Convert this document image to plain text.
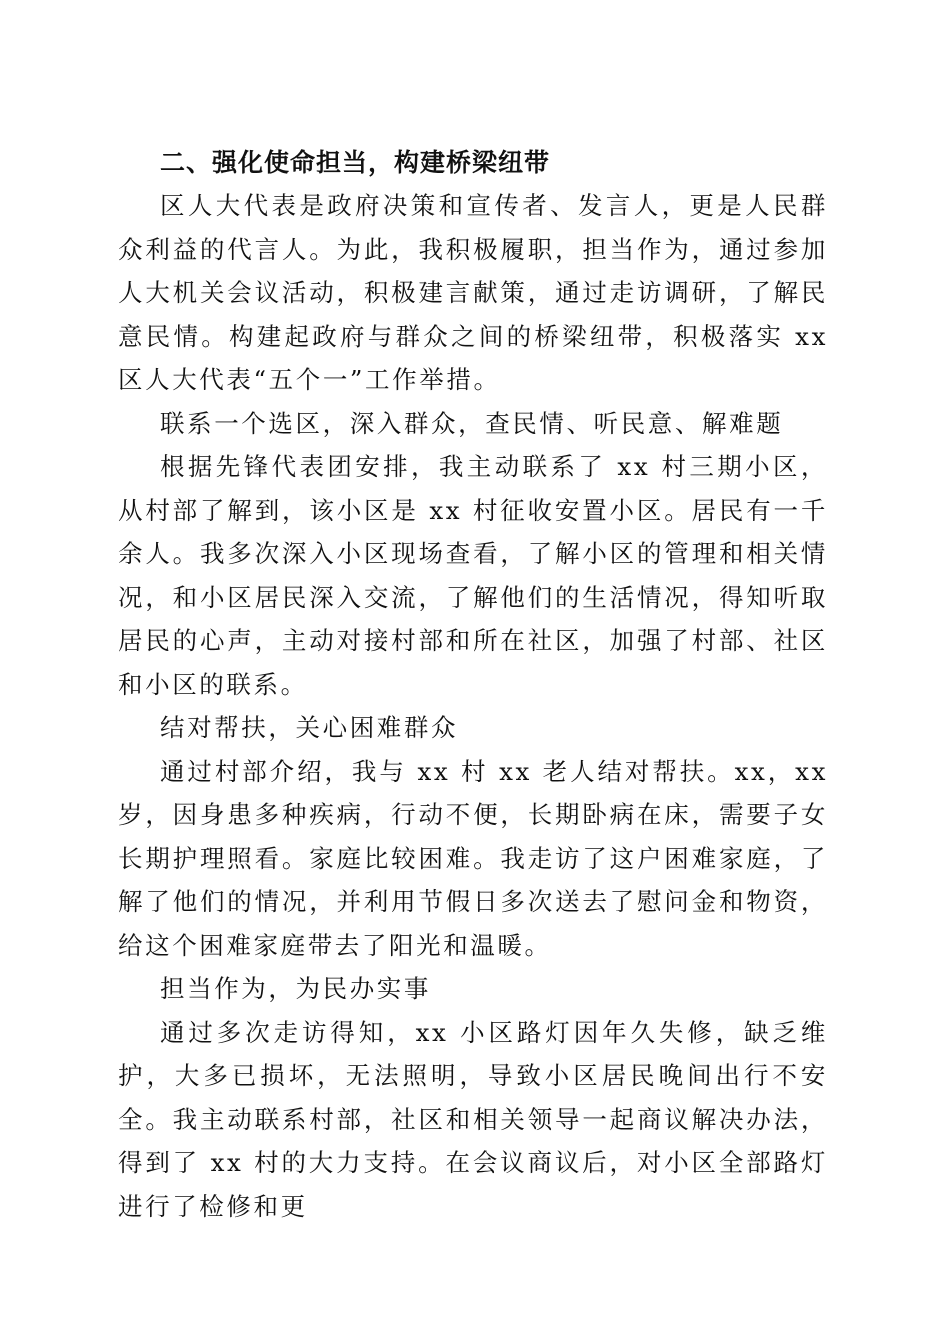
二、强化使命担当，构建桥梁纽带

区人大代表是政府决策和宣传者、发言人，更是人民群众利益的代言人。为此，我积极履职，担当作为，通过参加人大机关会议活动，积极建言献策，通过走访调研，了解民意民情。构建起政府与群众之间的桥梁纽带，积极落实 xx 区人大代表“五个一”工作举措。

联系一个选区，深入群众，查民情、听民意、解难题

根据先锋代表团安排，我主动联系了 xx 村三期小区，从村部了解到，该小区是 xx 村征收安置小区。居民有一千余人。我多次深入小区现场查看，了解小区的管理和相关情况，和小区居民深入交流，了解他们的生活情况，得知听取居民的心声，主动对接村部和所在社区，加强了村部、社区和小区的联系。

结对帮扶，关心困难群众

通过村部介绍，我与 xx 村 xx 老人结对帮扶。xx，xx 岁，因身患多种疾病，行动不便，长期卧病在床，需要子女长期护理照看。家庭比较困难。我走访了这户困难家庭，了解了他们的情况，并利用节假日多次送去了慰问金和物资，给这个困难家庭带去了阳光和温暖。

担当作为，为民办实事

通过多次走访得知，xx 小区路灯因年久失修，缺乏维护，大多已损坏，无法照明，导致小区居民晚间出行不安全。我主动联系村部，社区和相关领导一起商议解决办法，得到了 xx 村的大力支持。在会议商议后，对小区全部路灯进行了检修和更
